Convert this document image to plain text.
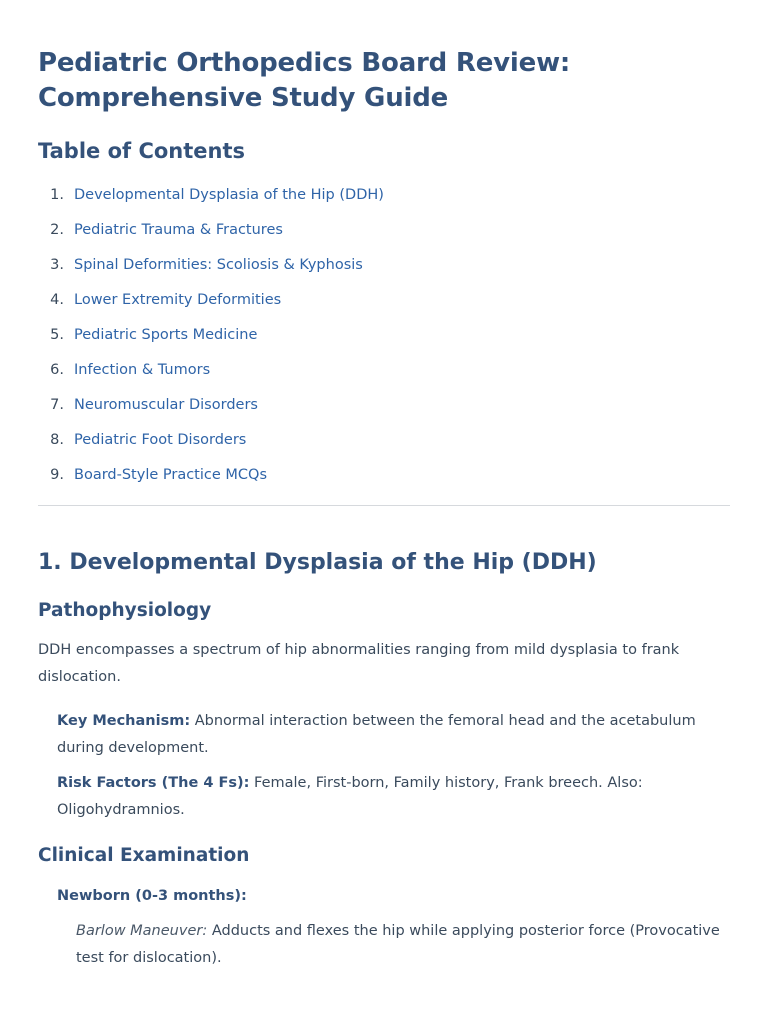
Pediatric Orthopedics Board Review:
Comprehensive Study Guide
Table of Contents
1. Developmental Dysplasia of the Hip (DDH)
2. Pediatric Trauma & Fractures
3. Spinal Deformities: Scoliosis & Kyphosis
4. Lower Extremity Deformities
5. Pediatric Sports Medicine
6. Infection & Tumors
7. Neuromuscular Disorders
8. Pediatric Foot Disorders
9. Board-Style Practice MCQs
1. Developmental Dysplasia of the Hip (DDH)
Pathophysiology

DDH encompasses a spectrum of hip abnormalities ranging from mild dysplasia to frank dislocation.

Key Mechanism: Abnormal interaction between the femoral head and the acetabulum during development.

Risk Factors (The 4 Fs): Female, First-born, Family history, Frank breech. Also: Oligohydramnios.

Clinical Examination

Newborn (0-3 months):

Barlow Maneuver: Adducts and flexes the hip while applying posterior force (Provocative test for dislocation).
